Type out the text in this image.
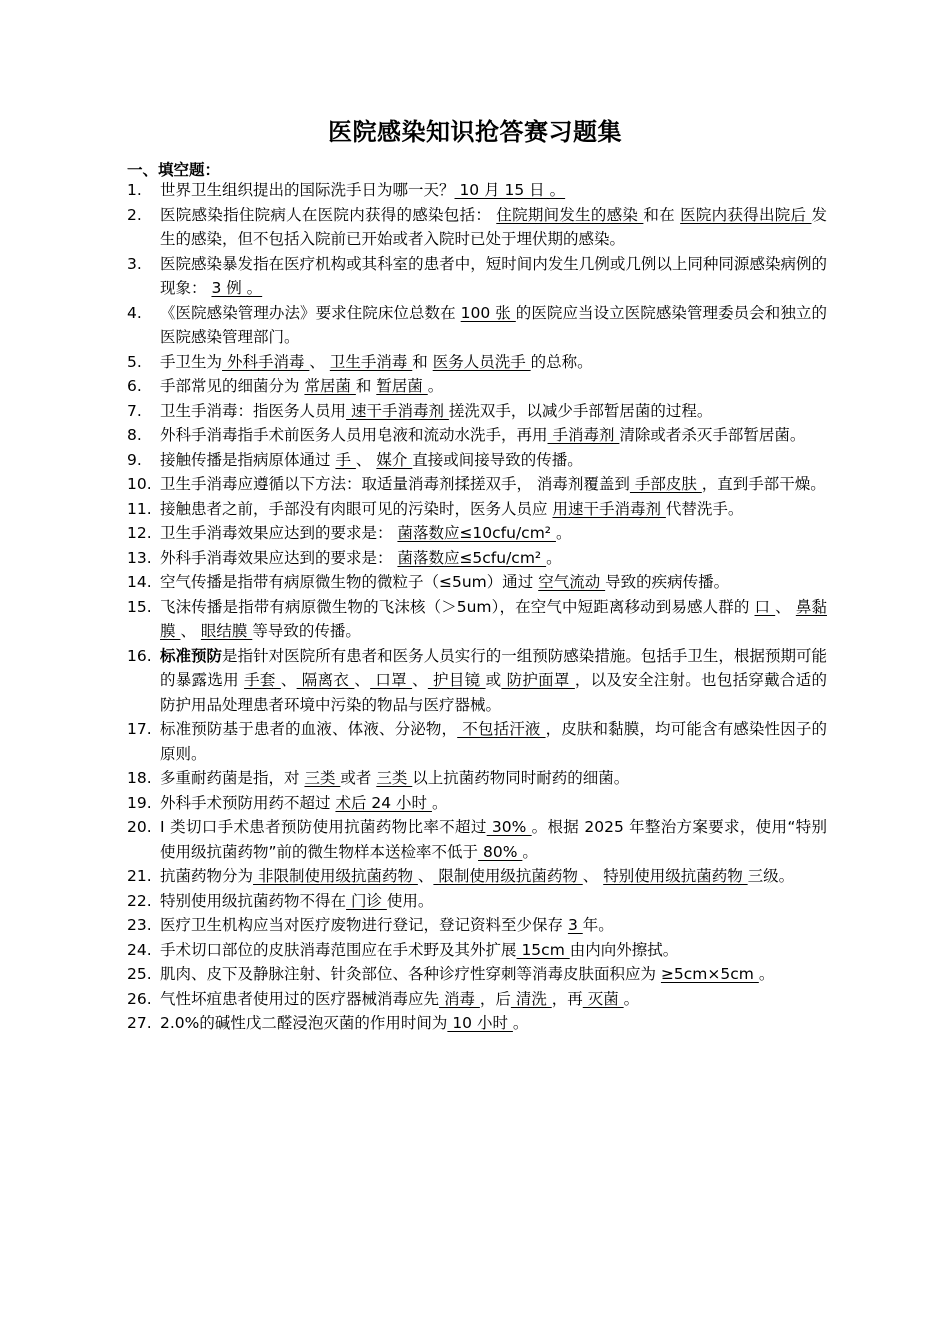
医院感染知识抢答赛习题集
一、填空题：
1.	世界卫生组织提出的国际洗手日为哪一天？ 10 月 15 日 。
2.	医院感染指住院病人在医院内获得的感染包括： 住院期间发生的感染 和在 医院内获得出院后 发生的感染，但不包括入院前已开始或者入院时已处于埋伏期的感染。
3.	医院感染暴发指在医疗机构或其科室的患者中，短时间内发生几例或几例以上同种同源感染病例的现象： 3 例 。
4.	《医院感染管理办法》要求住院床位总数在 100 张 的医院应当设立医院感染管理委员会和独立的医院感染管理部门。
5.	手卫生为 外科手消毒 、 卫生手消毒 和 医务人员洗手 的总称。
6.	手部常见的细菌分为 常居菌 和 暂居菌 。
7.	卫生手消毒：指医务人员用 速干手消毒剂 搓洗双手，以减少手部暂居菌的过程。
8.	外科手消毒指手术前医务人员用皂液和流动水洗手，再用 手消毒剂 清除或者杀灭手部暂居菌。
9.	接触传播是指病原体通过 手 、 媒介 直接或间接导致的传播。
10. 卫生手消毒应遵循以下方法：取适量消毒剂揉搓双手， 消毒剂覆盖到 手部皮肤 ，直到手部干燥。
11. 接触患者之前，手部没有肉眼可见的污染时，医务人员应 用速干手消毒剂 代替洗手。
12. 卫生手消毒效果应达到的要求是： 菌落数应≤10cfu/cm² 。
13. 外科手消毒效果应达到的要求是： 菌落数应≤5cfu/cm² 。
14. 空气传播是指带有病原微生物的微粒子（≤5um）通过 空气流动 导致的疾病传播。
15. 飞沫传播是指带有病原微生物的飞沫核（＞5um），在空气中短距离移动到易感人群的 口 、 鼻黏膜 、 眼结膜 等导致的传播。
16. 标准预防是指针对医院所有患者和医务人员实行的一组预防感染措施。包括手卫生，根据预期可能的暴露选用 手套 、 隔离衣 、 口罩 、 护目镜 或 防护面罩 ，以及安全注射。也包括穿戴合适的防护用品处理患者环境中污染的物品与医疗器械。
17. 标准预防基于患者的血液、体液、分泌物， 不包括汗液 ，皮肤和黏膜，均可能含有感染性因子的原则。
18. 多重耐药菌是指，对 三类 或者 三类 以上抗菌药物同时耐药的细菌。
19. 外科手术预防用药不超过 术后 24 小时 。
20. Ⅰ 类切口手术患者预防使用抗菌药物比率不超过 30% 。根据 2025 年整治方案要求，使用“特别使用级抗菌药物”前的微生物样本送检率不低于 80% 。
21. 抗菌药物分为 非限制使用级抗菌药物 、 限制使用级抗菌药物 、 特别使用级抗菌药物 三级。
22. 特别使用级抗菌药物不得在 门诊 使用。
23. 医疗卫生机构应当对医疗废物进行登记，登记资料至少保存 3 年。
24. 手术切口部位的皮肤消毒范围应在手术野及其外扩展 15cm 由内向外擦拭。
25. 肌肉、皮下及静脉注射、针灸部位、各种诊疗性穿刺等消毒皮肤面积应为 ≥5cm×5cm 。
26. 气性坏疽患者使用过的医疗器械消毒应先 消毒 ，后 清洗 ，再 灭菌 。
27. 2.0%的碱性戊二醛浸泡灭菌的作用时间为 10 小时 。
